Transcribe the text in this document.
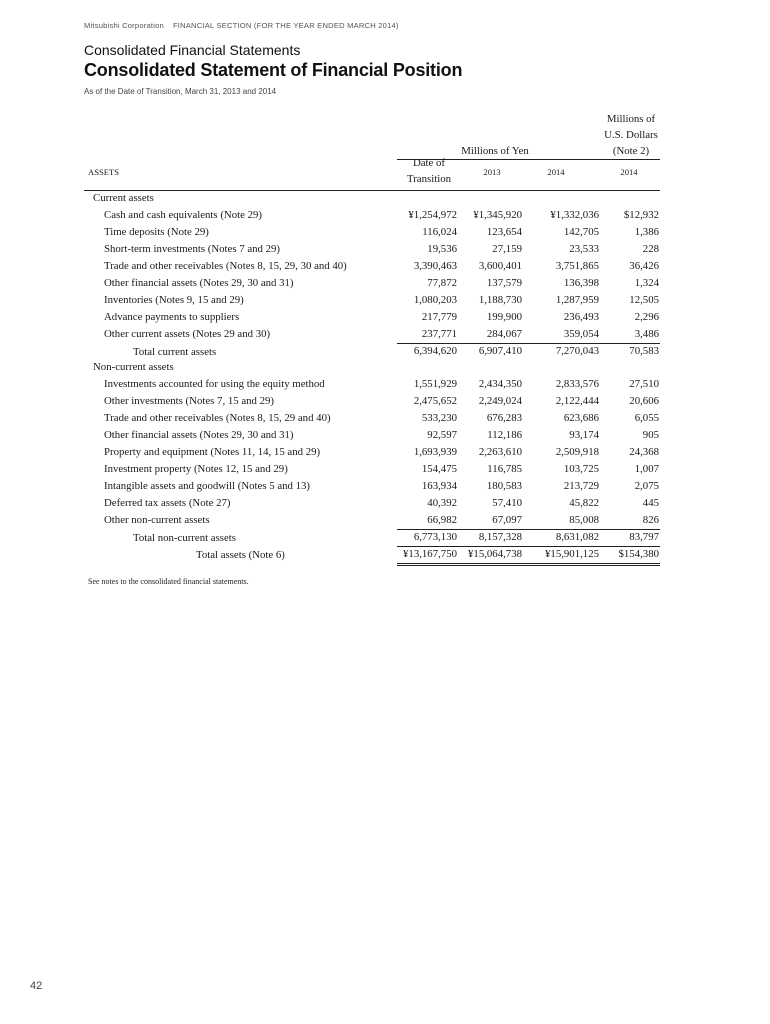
Mitsubishi Corporation FINANCIAL SECTION (FOR THE YEAR ENDED MARCH 2014)
Consolidated Financial Statements
Consolidated Statement of Financial Position
As of the Date of Transition, March 31, 2013 and 2014
Millions of
U.S. Dollars
(Note 2)
Millions of Yen
Date of
Transition
ASSETS	2013	2014	2014
Current assets
Cash and cash equivalents (Note 29)	¥1,254,972 ¥1,345,920	¥1,332,036 $12,932
Time deposits (Note 29)	116,024	123,654	142,705	1,386
Short-term investments (Notes 7 and 29)	19,536	27,159	23,533	228
Trade and other receivables (Notes 8, 15, 29, 30 and 40)	3,390,463 3,600,401	3,751,865	36,426
Other financial assets (Notes 29, 30 and 31)	77,872	137,579	136,398	1,324
Inventories (Notes 9, 15 and 29)	1,080,203 1,188,730	1,287,959	12,505
Advance payments to suppliers	217,779	199,900	236,493	2,296
Other current assets (Notes 29 and 30)	237,771	284,067	359,054	3,486
Total current assets	6,394,620 6,907,410	7,270,043	70,583
Non-current assets
Investments accounted for using the equity method	1,551,929 2,434,350	2,833,576	27,510
Other investments (Notes 7, 15 and 29)	2,475,652 2,249,024	2,122,444	20,606
Trade and other receivables (Notes 8, 15, 29 and 40)	533,230	676,283	623,686	6,055
Other financial assets (Notes 29, 30 and 31)	92,597	112,186	93,174	905
Property and equipment (Notes 11, 14, 15 and 29)	1,693,939 2,263,610	2,509,918	24,368
Investment property (Notes 12, 15 and 29)	154,475	116,785	103,725	1,007
Intangible assets and goodwill (Notes 5 and 13)	163,934	180,583	213,729	2,075
Deferred tax assets (Note 27)	40,392	57,410	45,822	445
Other non-current assets	66,982	67,097	85,008	826
Total non-current assets	6,773,130 8,157,328	8,631,082	83,797
Total assets (Note 6)	¥13,167,750 ¥15,064,738 ¥15,901,125 $154,380
See notes to the consolidated financial statements.
42
